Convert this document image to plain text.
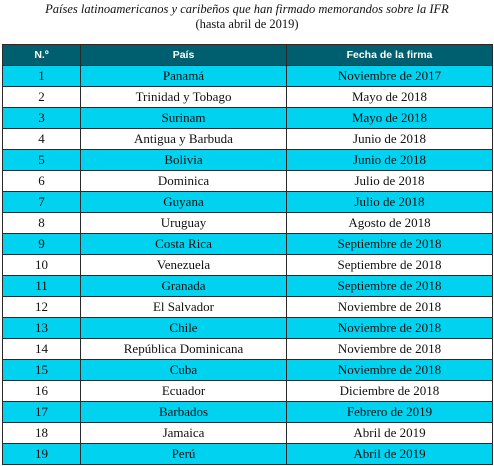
Países latinoamericanos y caribeños que han firmado memorandos sobre la IFR
(hasta abril de 2019)
N.º	País	Fecha de la firma
1	Panamá	Noviembre de 2017
2	Trinidad y Tobago	Mayo de 2018
3	Surinam	Mayo de 2018
4	Antigua y Barbuda	Junio de 2018
5	Bolivia	Junio de 2018
6	Dominica	Julio de 2018
7	Guyana	Julio de 2018
8	Uruguay	Agosto de 2018
9	Costa Rica	Septiembre de 2018
10	Venezuela	Septiembre de 2018
11	Granada	Septiembre de 2018
12	El Salvador	Noviembre de 2018
13	Chile	Noviembre de 2018
14	República Dominicana	Noviembre de 2018
15	Cuba	Noviembre de 2018
16	Ecuador	Diciembre de 2018
17	Barbados	Febrero de 2019
18	Jamaica	Abril de 2019
19	Perú	Abril de 2019
